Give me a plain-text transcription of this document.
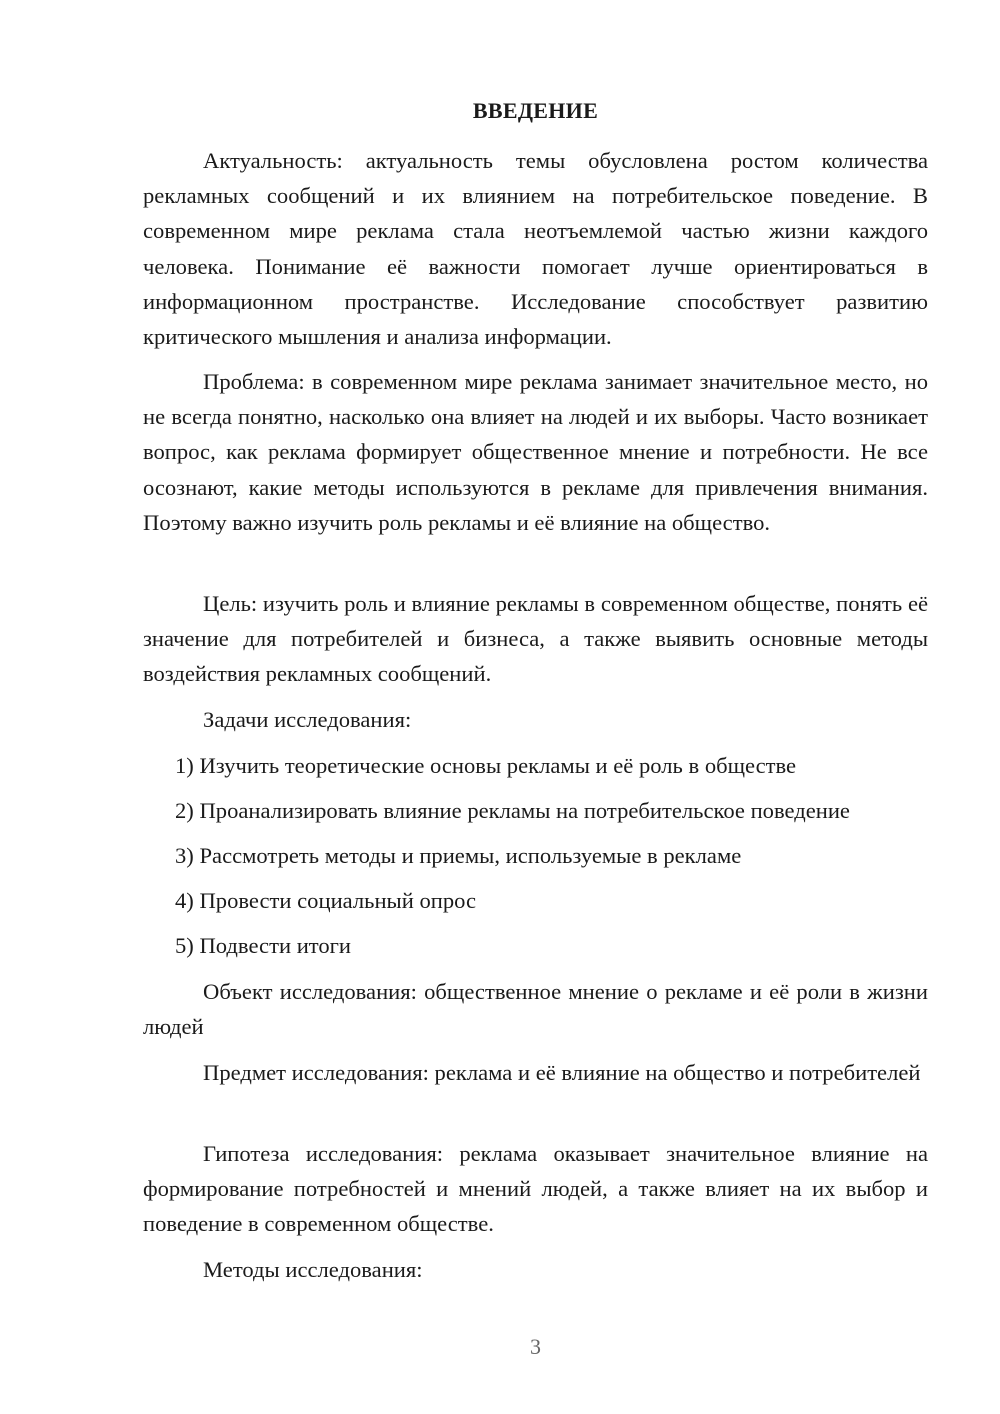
ВВЕДЕНИЕ
Актуальность: актуальность темы обусловлена ростом количества рекламных сообщений и их влиянием на потребительское поведение. В современном мире реклама стала неотъемлемой частью жизни каждого человека. Понимание её важности помогает лучше ориентироваться в информационном пространстве. Исследование способствует развитию критического мышления и анализа информации.
Проблема: в современном мире реклама занимает значительное место, но не всегда понятно, насколько она влияет на людей и их выборы. Часто возникает вопрос, как реклама формирует общественное мнение и потребности. Не все осознают, какие методы используются в рекламе для привлечения внимания. Поэтому важно изучить роль рекламы и её влияние на общество.
Цель: изучить роль и влияние рекламы в современном обществе, понять её значение для потребителей и бизнеса, а также выявить основные методы воздействия рекламных сообщений.
Задачи исследования:
1) Изучить теоретические основы рекламы и её роль в обществе
2) Проанализировать влияние рекламы на потребительское поведение
3) Рассмотреть методы и приемы, используемые в рекламе
4) Провести социальный опрос
5) Подвести итоги
Объект исследования: общественное мнение о рекламе и её роли в жизни людей
Предмет исследования: реклама и её влияние на общество и потребителей
Гипотеза исследования: реклама оказывает значительное влияние на формирование потребностей и мнений людей, а также влияет на их выбор и поведение в современном обществе.
Методы исследования:
3
